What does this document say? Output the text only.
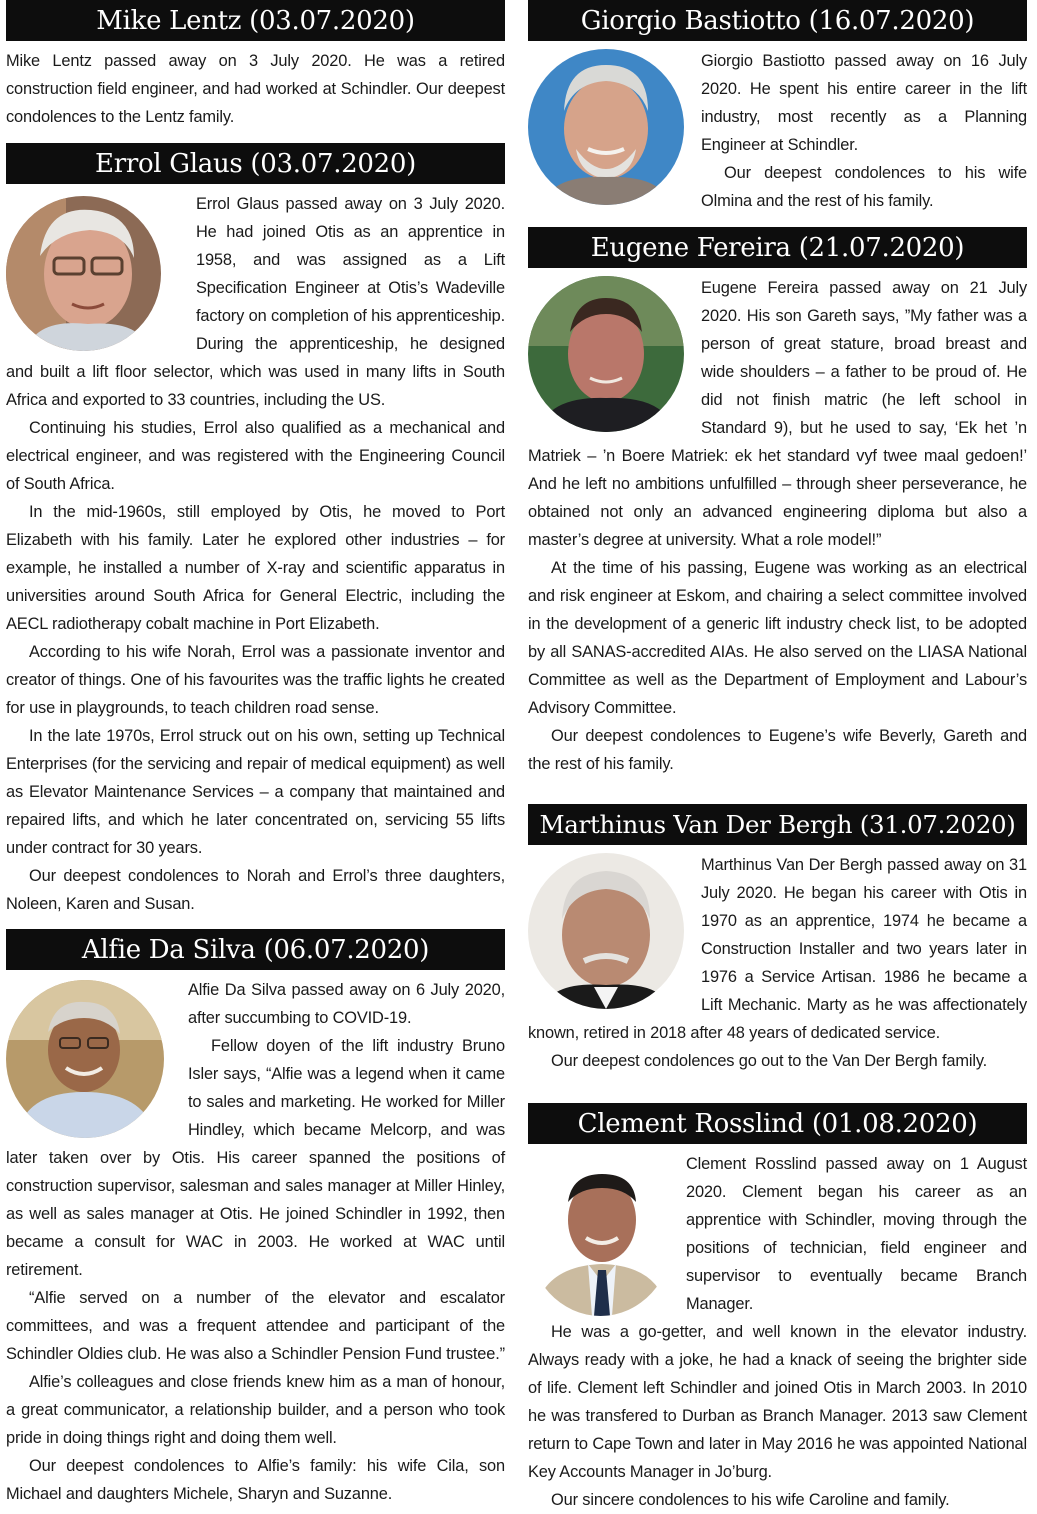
Mike Lentz (03.07.2020)

Mike Lentz passed away on 3 July 2020. He was a retired construction field engineer, and had worked at Schindler. Our deepest condolences to the Lentz family.

Errol Glaus (03.07.2020)

Errol Glaus passed away on 3 July 2020. He had joined Otis as an apprentice in 1958, and was assigned as a Lift Specification Engineer at Otis’s Wadeville factory on completion of his apprenticeship. During the apprenticeship, he designed and built a lift floor selector, which was used in many lifts in South Africa and exported to 33 countries, including the US.

Continuing his studies, Errol also qualified as a mechanical and electrical engineer, and was registered with the Engineering Council of South Africa.

In the mid-1960s, still employed by Otis, he moved to Port Elizabeth with his family. Later he explored other industries – for example, he installed a number of X-ray and scientific apparatus in universities around South Africa for General Electric, including the AECL radiotherapy cobalt machine in Port Elizabeth.

According to his wife Norah, Errol was a passionate inventor and creator of things. One of his favourites was the traffic lights he created for use in playgrounds, to teach children road sense.

In the late 1970s, Errol struck out on his own, setting up Technical Enterprises (for the servicing and repair of medical equipment) as well as Elevator Maintenance Services – a company that maintained and repaired lifts, and which he later concentrated on, servicing 55 lifts under contract for 30 years.

Our deepest condolences to Norah and Errol’s three daughters, Noleen, Karen and Susan.

Alfie Da Silva (06.07.2020)

Alfie Da Silva passed away on 6 July 2020, after succumbing to COVID-19.

Fellow doyen of the lift industry Bruno Isler says, “Alfie was a legend when it came to sales and marketing. He worked for Miller Hindley, which became Melcorp, and was later taken over by Otis. His career spanned the positions of construction supervisor, salesman and sales manager at Miller Hinley, as well as sales manager at Otis. He joined Schindler in 1992, then became a consult for WAC in 2003. He worked at WAC until retirement.

“Alfie served on a number of the elevator and escalator committees, and was a frequent attendee and participant of the Schindler Oldies club. He was also a Schindler Pension Fund trustee.”

Alfie’s colleagues and close friends knew him as a man of honour, a great communicator, a relationship builder, and a person who took pride in doing things right and doing them well.

Our deepest condolences to Alfie’s family: his wife Cila, son Michael and daughters Michele, Sharyn and Suzanne.

Giorgio Bastiotto (16.07.2020)

Giorgio Bastiotto passed away on 16 July 2020. He spent his entire career in the lift industry, most recently as a Planning Engineer at Schindler.

Our deepest condolences to his wife Olmina and the rest of his family.

Eugene Fereira (21.07.2020)

Eugene Fereira passed away on 21 July 2020. His son Gareth says, ”My father was a person of great stature, broad breast and wide shoulders – a father to be proud of. He did not finish matric (he left school in Standard 9), but he used to say, ‘Ek het ’n Matriek – ’n Boere Matriek: ek het standard vyf twee maal gedoen!’ And he left no ambitions unfulfilled – through sheer perseverance, he obtained not only an advanced engineering diploma but also a master’s degree at university. What a role model!”

At the time of his passing, Eugene was working as an electrical and risk engineer at Eskom, and chairing a select committee involved in the development of a generic lift industry check list, to be adopted by all SANAS-accredited AIAs. He also served on the LIASA National Committee as well as the Department of Employment and Labour’s Advisory Committee.

Our deepest condolences to Eugene’s wife Beverly, Gareth and the rest of his family.

Marthinus Van Der Bergh (31.07.2020)

Marthinus Van Der Bergh passed away on 31 July 2020. He began his career with Otis in 1970 as an apprentice, 1974 he became a Construction Installer and two years later in 1976 a Service Artisan. 1986 he became a Lift Mechanic. Marty as he was affectionately known, retired in 2018 after 48 years of dedicated service.

Our deepest condolences go out to the Van Der Bergh family.

Clement Rosslind (01.08.2020)

Clement Rosslind passed away on 1 August 2020. Clement began his career as an apprentice with Schindler, moving through the positions of technician, field engineer and supervisor to eventually became Branch Manager.

He was a go-getter, and well known in the elevator industry. Always ready with a joke, he had a knack of seeing the brighter side of life. Clement left Schindler and joined Otis in March 2003. In 2010 he was transfered to Durban as Branch Manager. 2013 saw Clement return to Cape Town and later in May 2016 he was appointed National Key Accounts Manager in Jo’burg.

Our sincere condolences to his wife Caroline and family.
